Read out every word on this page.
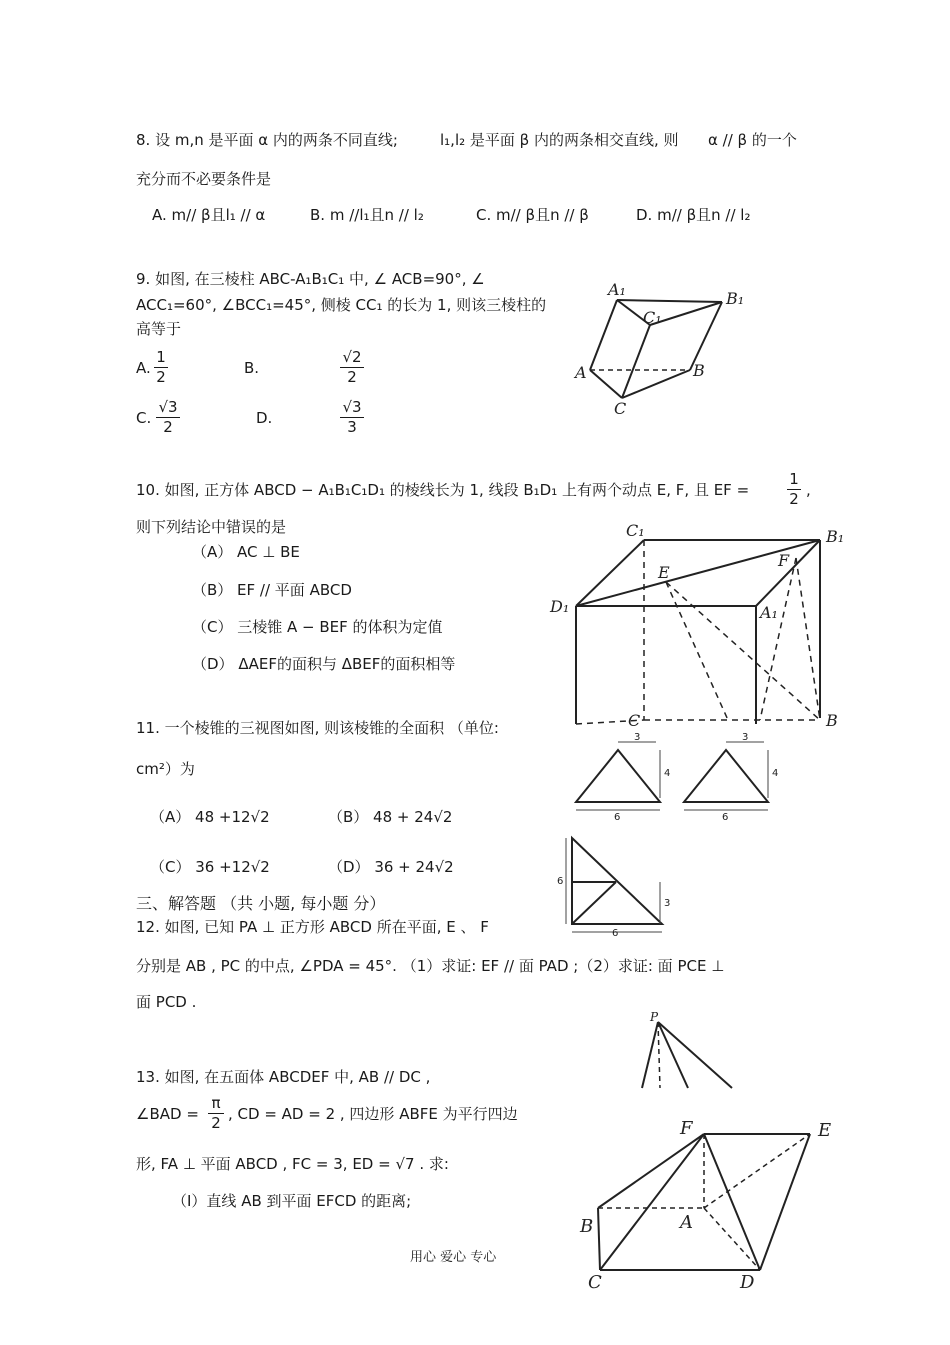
8. 设 m,n 是平面 α 内的两条不同直线;	l₁,l₂ 是平面 β 内的两条相交直线, 则 α // β 的一个
充分而不必要条件是
A. m// β且l₁ // α	B. m //l₁且n // l₂	C. m// β且n // β	D. m// β且n // l₂
9. 如图, 在三棱柱 ABC-A₁B₁C₁ 中, ∠ ACB=90°, ∠
ACC₁=60°, ∠BCC₁=45°, 侧棱 CC₁ 的长为 1, 则该三棱柱的
高等于
A.
1
2	B.
√2
2
C.
√3
2	D.
√3
3
A₁	B₁
C₁
A	B
C
10. 如图, 正方体 ABCD − A₁B₁C₁D₁ 的棱线长为 1, 线段 B₁D₁ 上有两个动点 E, F, 且 EF =
1
2 ,
则下列结论中错误的是
（A） AC ⊥ BE
（B） EF // 平面 ABCD
（C） 三棱锥 A − BEF 的体积为定值
（D） ΔAEF的面积与 ΔBEF的面积相等
C₁	B₁
E
F
D₁	A₁
C	B
11. 一个棱锥的三视图如图, 则该棱锥的全面积 （单位:
cm²）为
（A） 48 +12√2	（B） 48 + 24√2
（C） 36 +12√2	（D） 36 + 24√2
3
4
6
3
4
6
6
3
6
三、解答题 （共 小题, 每小题 分）
12. 如图, 已知 PA ⊥ 正方形 ABCD 所在平面, E 、 F
分别是 AB , PC 的中点, ∠PDA = 45°. （1）求证: EF // 面 PAD ;（2）求证: 面 PCE ⊥
面 PCD .
P
13. 如图, 在五面体 ABCDEF 中, AB // DC ,
∠BAD =
π
2 , CD = AD = 2 , 四边形 ABFE 为平行四边
形, FA ⊥ 平面 ABCD , FC = 3, ED = √7 . 求:
（Ⅰ）直线 AB 到平面 EFCD 的距离;
F	E
B	A
C	D
用心 爱心 专心
